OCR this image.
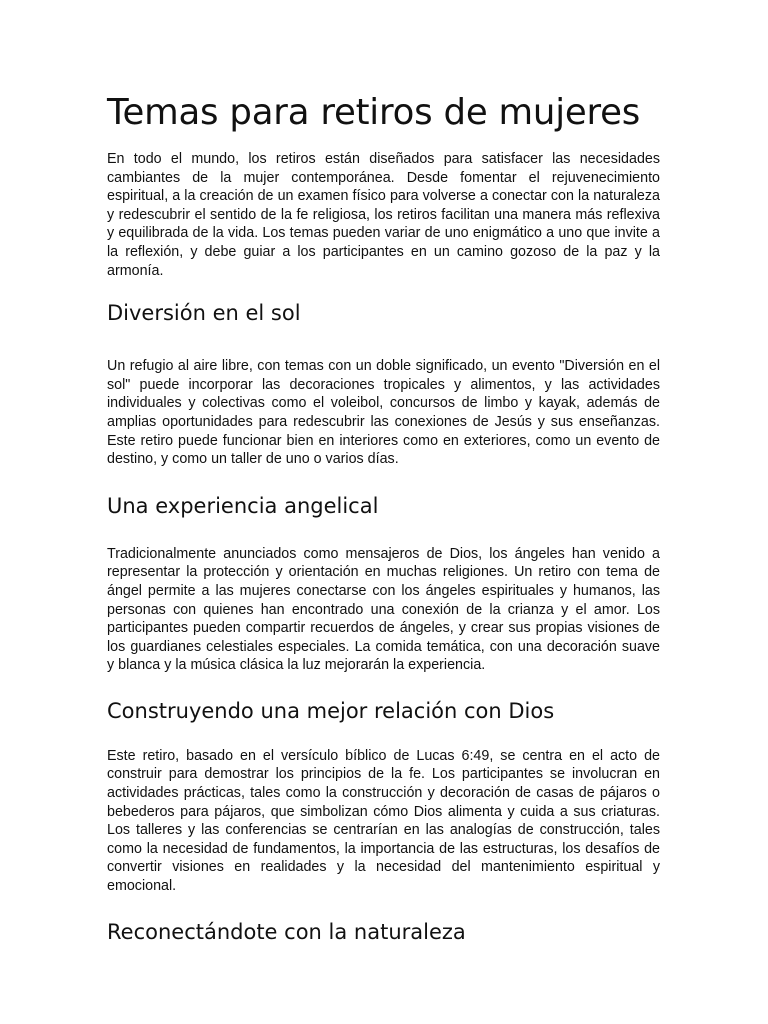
Temas para retiros de mujeres

En todo el mundo, los retiros están diseñados para satisfacer las necesidades cambiantes de la mujer contemporánea. Desde fomentar el rejuvenecimiento espiritual, a la creación de un examen físico para volverse a conectar con la naturaleza y redescubrir el sentido de la fe religiosa, los retiros facilitan una manera más reflexiva y equilibrada de la vida. Los temas pueden variar de uno enigmático a uno que invite a la reflexión, y debe guiar a los participantes en un camino gozoso de la paz y la armonía.

Diversión en el sol

Un refugio al aire libre, con temas con un doble significado, un evento "Diversión en el sol" puede incorporar las decoraciones tropicales y alimentos, y las actividades individuales y colectivas como el voleibol, concursos de limbo y kayak, además de amplias oportunidades para redescubrir las conexiones de Jesús y sus enseñanzas. Este retiro puede funcionar bien en interiores como en exteriores, como un evento de destino, y como un taller de uno o varios días.

Una experiencia angelical

Tradicionalmente anunciados como mensajeros de Dios, los ángeles han venido a representar la protección y orientación en muchas religiones. Un retiro con tema de ángel permite a las mujeres conectarse con los ángeles espirituales y humanos, las personas con quienes han encontrado una conexión de la crianza y el amor. Los participantes pueden compartir recuerdos de ángeles, y crear sus propias visiones de los guardianes celestiales especiales. La comida temática, con una decoración suave y blanca y la música clásica la luz mejorarán la experiencia.

Construyendo una mejor relación con Dios

Este retiro, basado en el versículo bíblico de Lucas 6:49, se centra en el acto de construir para demostrar los principios de la fe. Los participantes se involucran en actividades prácticas, tales como la construcción y decoración de casas de pájaros o bebederos para pájaros, que simbolizan cómo Dios alimenta y cuida a sus criaturas. Los talleres y las conferencias se centrarían en las analogías de construcción, tales como la necesidad de fundamentos, la importancia de las estructuras, los desafíos de convertir visiones en realidades y la necesidad del mantenimiento espiritual y emocional.

Reconectándote con la naturaleza
